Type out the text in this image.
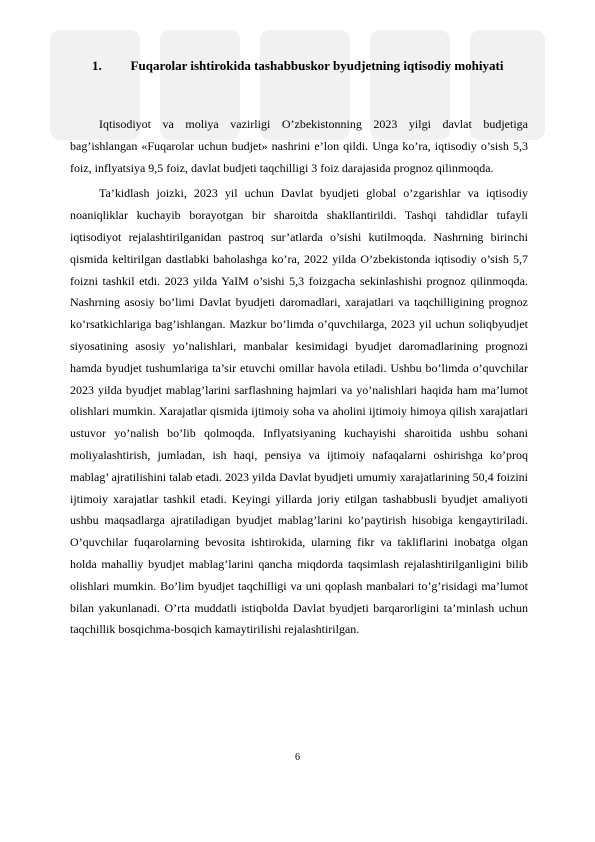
1.	Fuqarolar ishtirokida tashabbuskor byudjetning iqtisodiy mohiyati

Iqtisodiyot va moliya vazirligi O’zbekistonning 2023 yilgi davlat budjetiga bag’ishlangan «Fuqarolar uchun budjet» nashrini e’lon qildi. Unga ko’ra, iqtisodiy o’sish 5,3 foiz, inflyatsiya 9,5 foiz, davlat budjeti taqchilligi 3 foiz darajasida prognoz qilinmoqda.

Ta’kidlash joizki, 2023 yil uchun Davlat byudjeti global o’zgarishlar va iqtisodiy noaniqliklar kuchayib borayotgan bir sharoitda shakllantirildi. Tashqi tahdidlar tufayli iqtisodiyot rejalashtirilganidan pastroq sur’atlarda o’sishi kutilmoqda. Nashrning birinchi qismida keltirilgan dastlabki baholashga ko’ra, 2022 yilda O’zbekistonda iqtisodiy o’sish 5,7 foizni tashkil etdi. 2023 yilda YaIM o’sishi 5,3 foizgacha sekinlashishi prognoz qilinmoqda. Nashrning asosiy bo’limi Davlat byudjeti daromadlari, xarajatlari va taqchilligining prognoz ko’rsatkichlariga bag’ishlangan. Mazkur bo’limda o’quvchilarga, 2023 yil uchun soliqbyudjet siyosatining asosiy yo’nalishlari, manbalar kesimidagi byudjet daromadlarining prognozi hamda byudjet tushumlariga ta’sir etuvchi omillar havola etiladi. Ushbu bo’limda o’quvchilar 2023 yilda byudjet mablag’larini sarflashning hajmlari va yo’nalishlari haqida ham ma’lumot olishlari mumkin. Xarajatlar qismida ijtimoiy soha va aholini ijtimoiy himoya qilish xarajatlari ustuvor yo’nalish bo’lib qolmoqda. Inflyatsiyaning kuchayishi sharoitida ushbu sohani moliyalashtirish, jumladan, ish haqi, pensiya va ijtimoiy nafaqalarni oshirishga ko’proq mablag’ ajratilishini talab etadi. 2023 yilda Davlat byudjeti umumiy xarajatlarining 50,4 foizini ijtimoiy xarajatlar tashkil etadi. Keyingi yillarda joriy etilgan tashabbusli byudjet amaliyoti ushbu maqsadlarga ajratiladigan byudjet mablag’larini ko’paytirish hisobiga kengaytiriladi. O’quvchilar fuqarolarning bevosita ishtirokida, ularning fikr va takliflarini inobatga olgan holda mahalliy byudjet mablag’larini qancha miqdorda taqsimlash rejalashtirilganligini bilib olishlari mumkin. Bo’lim byudjet taqchilligi va uni qoplash manbalari to’g’risidagi ma’lumot bilan yakunlanadi. O’rta muddatli istiqbolda Davlat byudjeti barqarorligini ta’minlash uchun taqchillik bosqichma-bosqich kamaytirilishi rejalashtirilgan.

6
